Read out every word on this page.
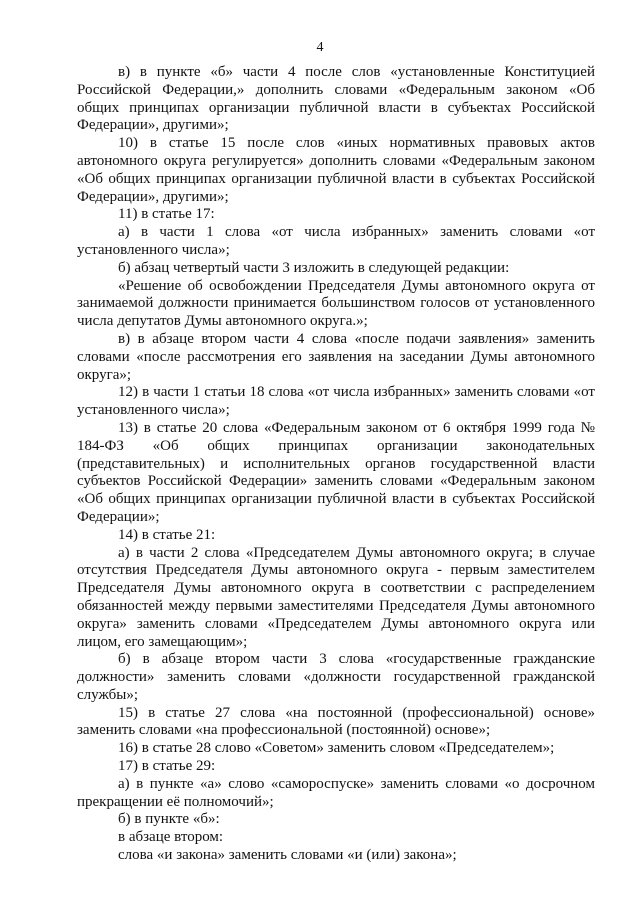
4

в) в пункте «б» части 4 после слов «установленные Конституцией Российской Федерации,» дополнить словами «Федеральным законом «Об общих принципах организации публичной власти в субъектах Российской Федерации», другими»;

10) в статье 15 после слов «иных нормативных правовых актов автономного округа регулируется» дополнить словами «Федеральным законом «Об общих принципах организации публичной власти в субъектах Российской Федерации», другими»;

11) в статье 17:

а) в части 1 слова «от числа избранных» заменить словами «от установленного числа»;

б) абзац четвертый части 3 изложить в следующей редакции:

«Решение об освобождении Председателя Думы автономного округа от занимаемой должности принимается большинством голосов от установленного числа депутатов Думы автономного округа.»;

в) в абзаце втором части 4 слова «после подачи заявления» заменить словами «после рассмотрения его заявления на заседании Думы автономного округа»;

12) в части 1 статьи 18 слова «от числа избранных» заменить словами «от установленного числа»;

13) в статье 20 слова «Федеральным законом от 6 октября 1999 года № 184-ФЗ «Об общих принципах организации законодательных (представительных) и исполнительных органов государственной власти субъектов Российской Федерации» заменить словами «Федеральным законом «Об общих принципах организации публичной власти в субъектах Российской Федерации»;

14) в статье 21:

а) в части 2 слова «Председателем Думы автономного округа; в случае отсутствия Председателя Думы автономного округа - первым заместителем Председателя Думы автономного округа в соответствии с распределением обязанностей между первыми заместителями Председателя Думы автономного округа» заменить словами «Председателем Думы автономного округа или лицом, его замещающим»;

б) в абзаце втором части 3 слова «государственные гражданские должности» заменить словами «должности государственной гражданской службы»;

15) в статье 27 слова «на постоянной (профессиональной) основе» заменить словами «на профессиональной (постоянной) основе»;

16) в статье 28 слово «Советом» заменить словом «Председателем»;

17) в статье 29:

а) в пункте «а» слово «самороспуске» заменить словами «о досрочном прекращении её полномочий»;

б) в пункте «б»:

в абзаце втором:

слова «и закона» заменить словами «и (или) закона»;
